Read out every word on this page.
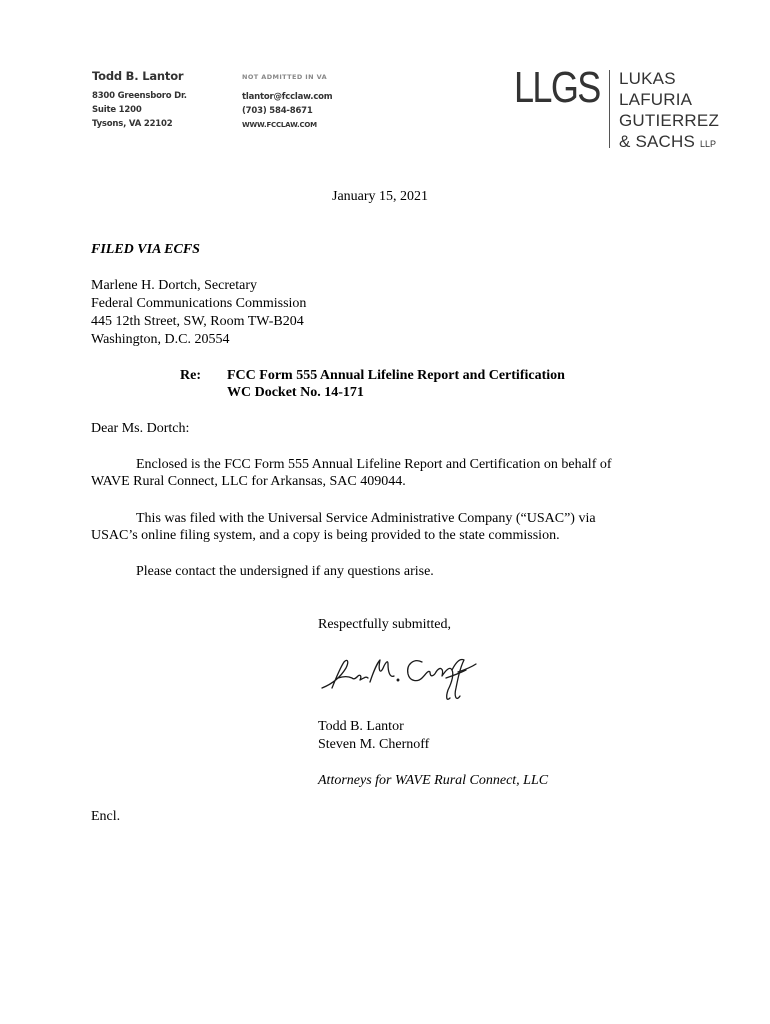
Todd B. Lantor
8300 Greensboro Dr.
Suite 1200
Tysons, VA 22102
NOT ADMITTED IN VA
tlantor@fcclaw.com
(703) 584-8671
WWW.FCCLAW.COM
LLGS LUKAS
LAFURIA
GUTIERREZ
& SACHS LLP
January 15, 2021
FILED VIA ECFS
Marlene H. Dortch, Secretary
Federal Communications Commission
445 12th Street, SW, Room TW-B204
Washington, D.C. 20554
Re: FCC Form 555 Annual Lifeline Report and Certification
WC Docket No. 14-171
Dear Ms. Dortch:
Enclosed is the FCC Form 555 Annual Lifeline Report and Certification on behalf of
WAVE Rural Connect, LLC for Arkansas, SAC 409044.
This was filed with the Universal Service Administrative Company (“USAC”) via
USAC’s online filing system, and a copy is being provided to the state commission.
Please contact the undersigned if any questions arise.
Respectfully submitted,
Todd B. Lantor
Steven M. Chernoff
Attorneys for WAVE Rural Connect, LLC
Encl.
